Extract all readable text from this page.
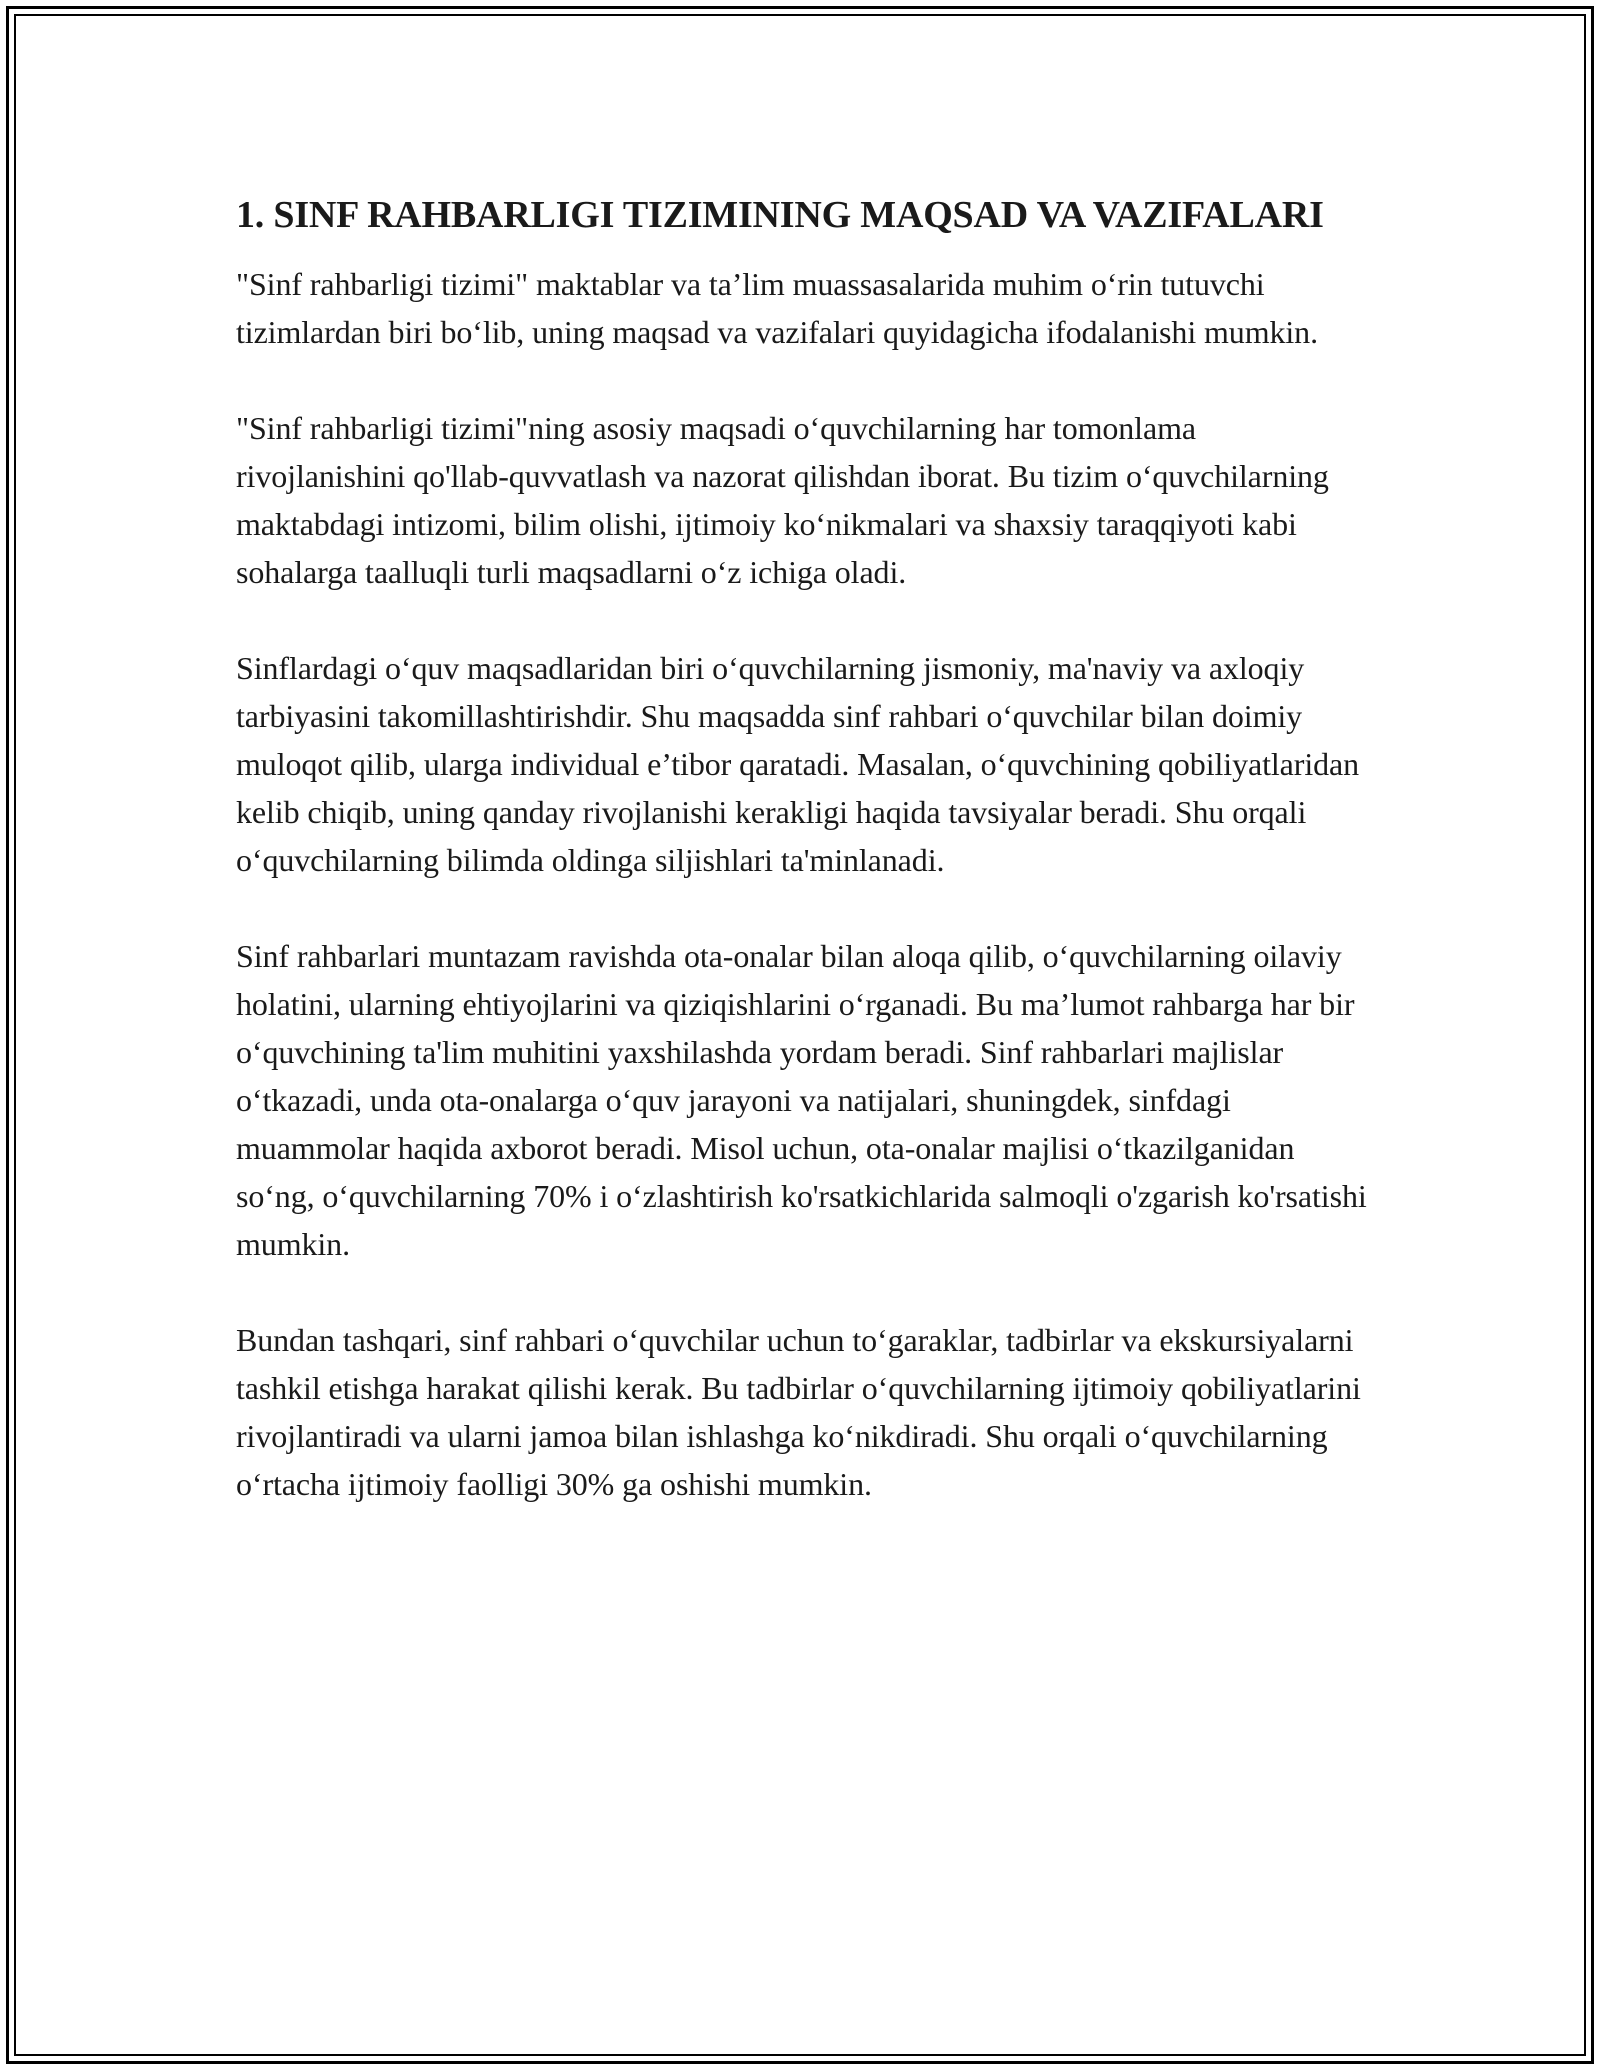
1. SINF RAHBARLIGI TIZIMINING MAQSAD VA VAZIFALARI

"Sinf rahbarligi tizimi" maktablar va ta’lim muassasalarida muhim o‘rin tutuvchi tizimlardan biri bo‘lib, uning maqsad va vazifalari quyidagicha ifodalanishi mumkin.

"Sinf rahbarligi tizimi"ning asosiy maqsadi o‘quvchilarning har tomonlama rivojlanishini qo'llab-quvvatlash va nazorat qilishdan iborat. Bu tizim o‘quvchilarning maktabdagi intizomi, bilim olishi, ijtimoiy ko‘nikmalari va shaxsiy taraqqiyoti kabi sohalarga taalluqli turli maqsadlarni o‘z ichiga oladi.

Sinflardagi o‘quv maqsadlaridan biri o‘quvchilarning jismoniy, ma'naviy va axloqiy tarbiyasini takomillashtirishdir. Shu maqsadda sinf rahbari o‘quvchilar bilan doimiy muloqot qilib, ularga individual e’tibor qaratadi. Masalan, o‘quvchining qobiliyatlaridan kelib chiqib, uning qanday rivojlanishi kerakligi haqida tavsiyalar beradi. Shu orqali o‘quvchilarning bilimda oldinga siljishlari ta'minlanadi.

Sinf rahbarlari muntazam ravishda ota-onalar bilan aloqa qilib, o‘quvchilarning oilaviy holatini, ularning ehtiyojlarini va qiziqishlarini o‘rganadi. Bu ma’lumot rahbarga har bir o‘quvchining ta'lim muhitini yaxshilashda yordam beradi. Sinf rahbarlari majlislar o‘tkazadi, unda ota-onalarga o‘quv jarayoni va natijalari, shuningdek, sinfdagi muammolar haqida axborot beradi. Misol uchun, ota-onalar majlisi o‘tkazilganidan so‘ng, o‘quvchilarning 70% i o‘zlashtirish ko'rsatkichlarida salmoqli o'zgarish ko'rsatishi mumkin.

Bundan tashqari, sinf rahbari o‘quvchilar uchun to‘garaklar, tadbirlar va ekskursiyalarni tashkil etishga harakat qilishi kerak. Bu tadbirlar o‘quvchilarning ijtimoiy qobiliyatlarini rivojlantiradi va ularni jamoa bilan ishlashga ko‘nikdiradi. Shu orqali o‘quvchilarning o‘rtacha ijtimoiy faolligi 30% ga oshishi mumkin.
